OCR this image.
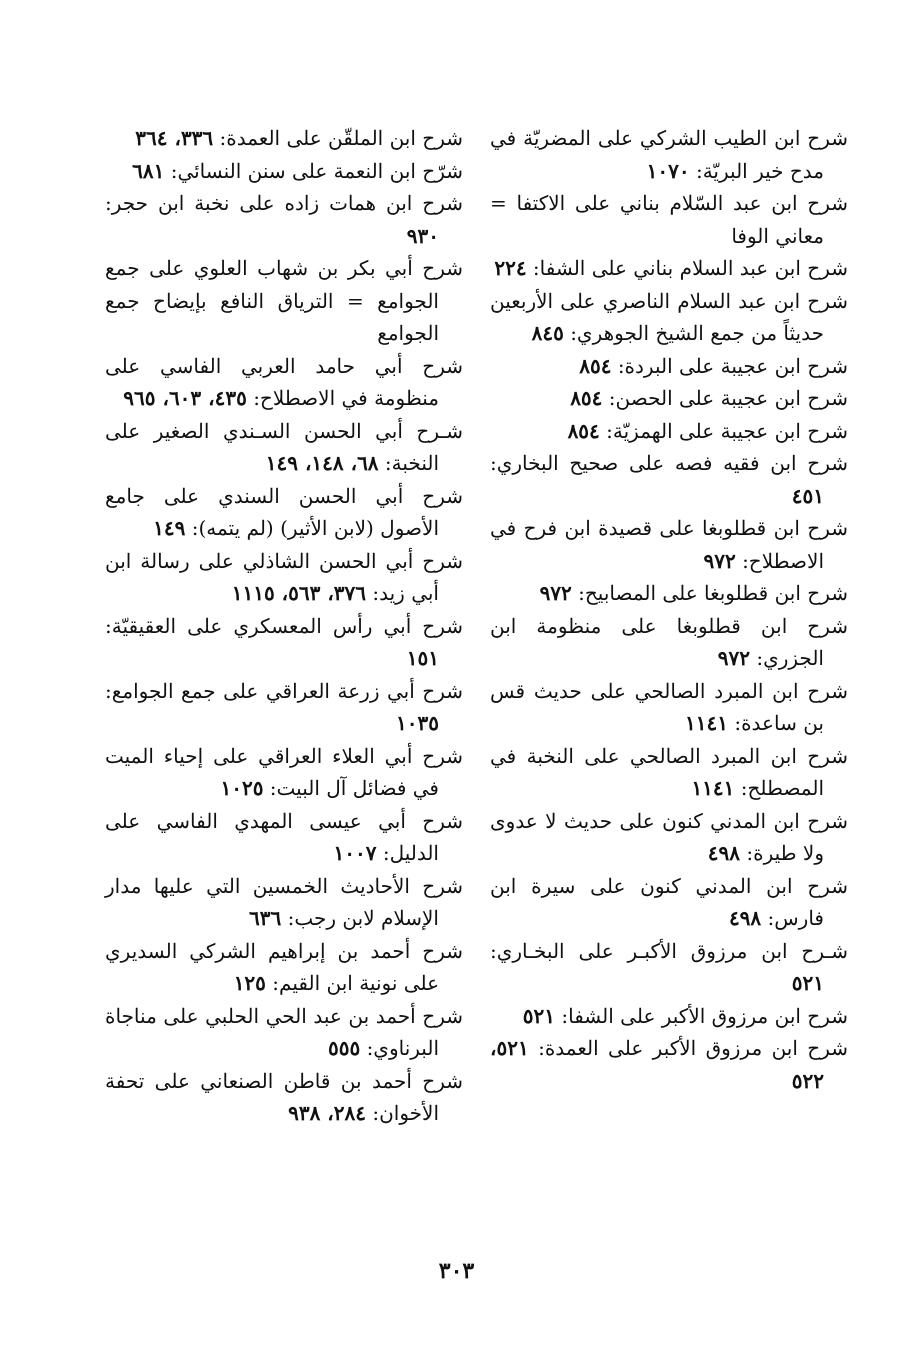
شرح ابن الطيب الشركي على المضريّة في مدح خير البريّة: ١٠٧٠

شرح ابن عبد السّلام بناني على الاكتفا = معاني الوفا

شرح ابن عبد السلام بناني على الشفا: ٢٢٤

شرح ابن عبد السلام الناصري على الأربعين حديثاً من جمع الشيخ الجوهري: ٨٤٥

شرح ابن عجيبة على البردة: ٨٥٤

شرح ابن عجيبة على الحصن: ٨٥٤

شرح ابن عجيبة على الهمزيّة: ٨٥٤

شرح ابن فقيه فصه على صحيح البخاري: ٤٥١

شرح ابن قطلوبغا على قصيدة ابن فرح في الاصطلاح: ٩٧٢

شرح ابن قطلوبغا على المصابيح: ٩٧٢

شرح ابن قطلوبغا على منظومة ابن الجزري: ٩٧٢

شرح ابن المبرد الصالحي على حديث قس بن ساعدة: ١١٤١

شرح ابن المبرد الصالحي على النخبة في المصطلح: ١١٤١

شرح ابن المدني كنون على حديث لا عدوى ولا طيرة: ٤٩٨

شرح ابن المدني كنون على سيرة ابن فارس: ٤٩٨

شـرح ابن مرزوق الأكبـر على البخـاري: ٥٢١

شرح ابن مرزوق الأكبر على الشفا: ٥٢١

شرح ابن مرزوق الأكبر على العمدة: ٥٢١، ٥٢٢

شرح ابن الملقّن على العمدة: ٣٣٦، ٣٦٤

شرّح ابن النعمة على سنن النسائي: ٦٨١

شرح ابن همات زاده على نخبة ابن حجر: ٩٣٠

شرح أبي بكر بن شهاب العلوي على جمع الجوامع = الترياق النافع بإيضاح جمع الجوامع

شرح أبي حامد العربي الفاسي على منظومة في الاصطلاح: ٤٣٥، ٦٠٣، ٩٦٥

شـرح أبي الحسن السـندي الصغير على النخبة: ٦٨، ١٤٨، ١٤٩

شرح أبي الحسن السندي على جامع الأصول (لابن الأثير) (لم يتمه): ١٤٩

شرح أبي الحسن الشاذلي على رسالة ابن أبي زيد: ٣٧٦، ٥٦٣، ١١١٥

شرح أبي رأس المعسكري على العقيقيّة: ١٥١

شرح أبي زرعة العراقي على جمع الجوامع: ١٠٣٥

شرح أبي العلاء العراقي على إحياء الميت في فضائل آل البيت: ١٠٢٥

شرح أبي عيسى المهدي الفاسي على الدليل: ١٠٠٧

شرح الأحاديث الخمسين التي عليها مدار الإسلام لابن رجب: ٦٣٦

شرح أحمد بن إبراهيم الشركي السديري على نونية ابن القيم: ١٢٥

شرح أحمد بن عبد الحي الحلبي على مناجاة البرناوي: ٥٥٥

شرح أحمد بن قاطن الصنعاني على تحفة الأخوان: ٢٨٤، ٩٣٨

٣٠٣
